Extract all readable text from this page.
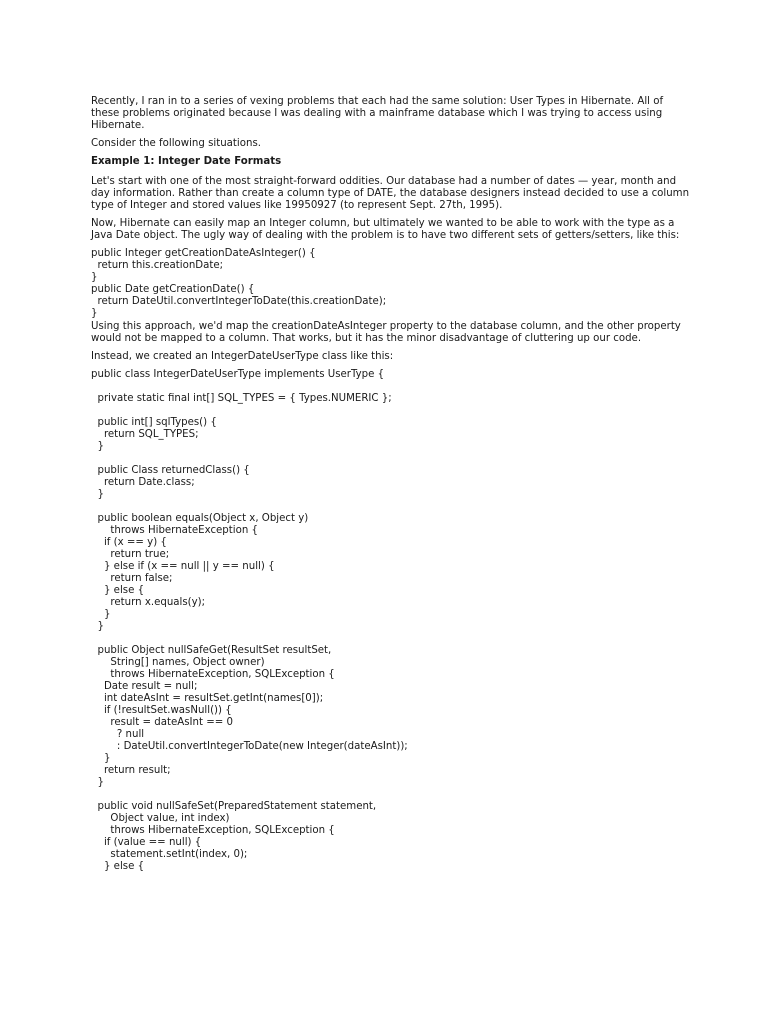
Recently, I ran in to a series of vexing problems that each had the same solution: User Types in Hibernate. All of these problems originated because I was dealing with a mainframe database which I was trying to access using Hibernate.

Consider the following situations.

Example 1: Integer Date Formats

Let's start with one of the most straight-forward oddities. Our database had a number of dates — year, month and day information. Rather than create a column type of DATE, the database designers instead decided to use a column type of Integer and stored values like 19950927 (to represent Sept. 27th, 1995).

Now, Hibernate can easily map an Integer column, but ultimately we wanted to be able to work with the type as a Java Date object. The ugly way of dealing with the problem is to have two different sets of getters/setters, like this:

public Integer getCreationDateAsInteger() {
return this.creationDate;
}
public Date getCreationDate() {
return DateUtil.convertIntegerToDate(this.creationDate);
}

Using this approach, we'd map the creationDateAsInteger property to the database column, and the other property would not be mapped to a column. That works, but it has the minor disadvantage of cluttering up our code.

Instead, we created an IntegerDateUserType class like this:

public class IntegerDateUserType implements UserType {

private static final int[] SQL_TYPES = { Types.NUMERIC };

public int[] sqlTypes() {
return SQL_TYPES;
}

public Class returnedClass() {
return Date.class;
}

public boolean equals(Object x, Object y)
throws HibernateException {
if (x == y) {
return true;
} else if (x == null || y == null) {
return false;
} else {
return x.equals(y);
}
}

public Object nullSafeGet(ResultSet resultSet,
String[] names, Object owner)
throws HibernateException, SQLException {
Date result = null;
int dateAsInt = resultSet.getInt(names[0]);
if (!resultSet.wasNull()) {
result = dateAsInt == 0
? null
: DateUtil.convertIntegerToDate(new Integer(dateAsInt));
}
return result;
}

public void nullSafeSet(PreparedStatement statement,
Object value, int index)
throws HibernateException, SQLException {
if (value == null) {
statement.setInt(index, 0);
} else {
